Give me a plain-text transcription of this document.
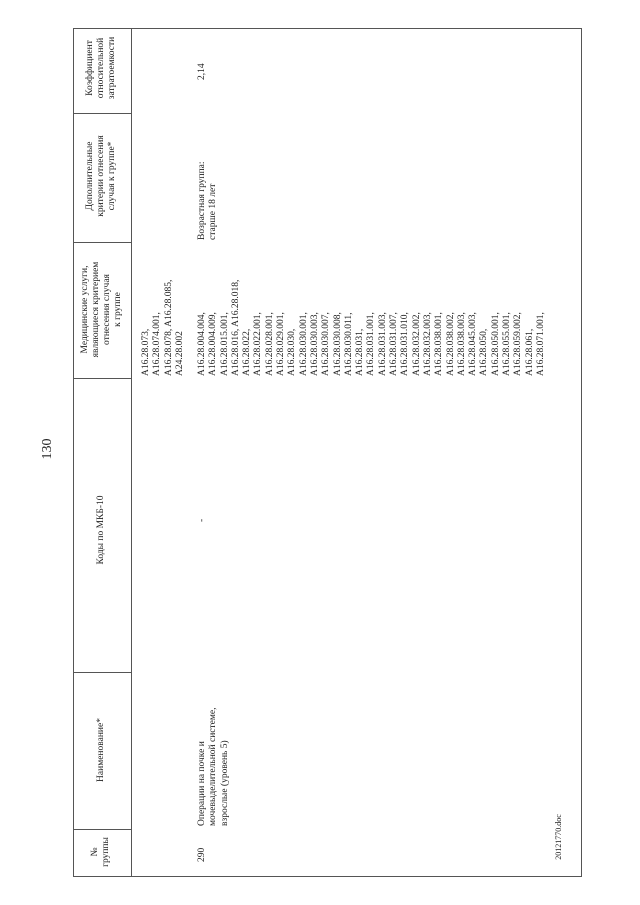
130
20121770.doc
№ группы
Наименование*
Коды по МКБ-10
Медицинские услуги, являющиеся критерием отнесения случая к группе
Дополнительные критерии отнесения случая к группе*
Коэффициент относительной затратоемкости
A16.28.073, A16.28.074.001, A16.28.078, A16.28.085, A24.28.002
290
Операции на почке и мочевыделительной системе, взрослые (уровень 5)
-
A16.28.004.004, A16.28.004.009, A16.28.015.001, A16.28.016, A16.28.018, A16.28.022, A16.28.022.001, A16.28.028.001, A16.28.029.001, A16.28.030, A16.28.030.001, A16.28.030.003, A16.28.030.007, A16.28.030.008, A16.28.030.011, A16.28.031, A16.28.031.001, A16.28.031.003, A16.28.031.007, A16.28.031.010, A16.28.032.002, A16.28.032.003, A16.28.038.001, A16.28.038.002, A16.28.038.003, A16.28.045.003, A16.28.050, A16.28.050.001, A16.28.055.001, A16.28.059.002, A16.28.061, A16.28.071.001,
Возрастная группа: старше 18 лет
2,14
